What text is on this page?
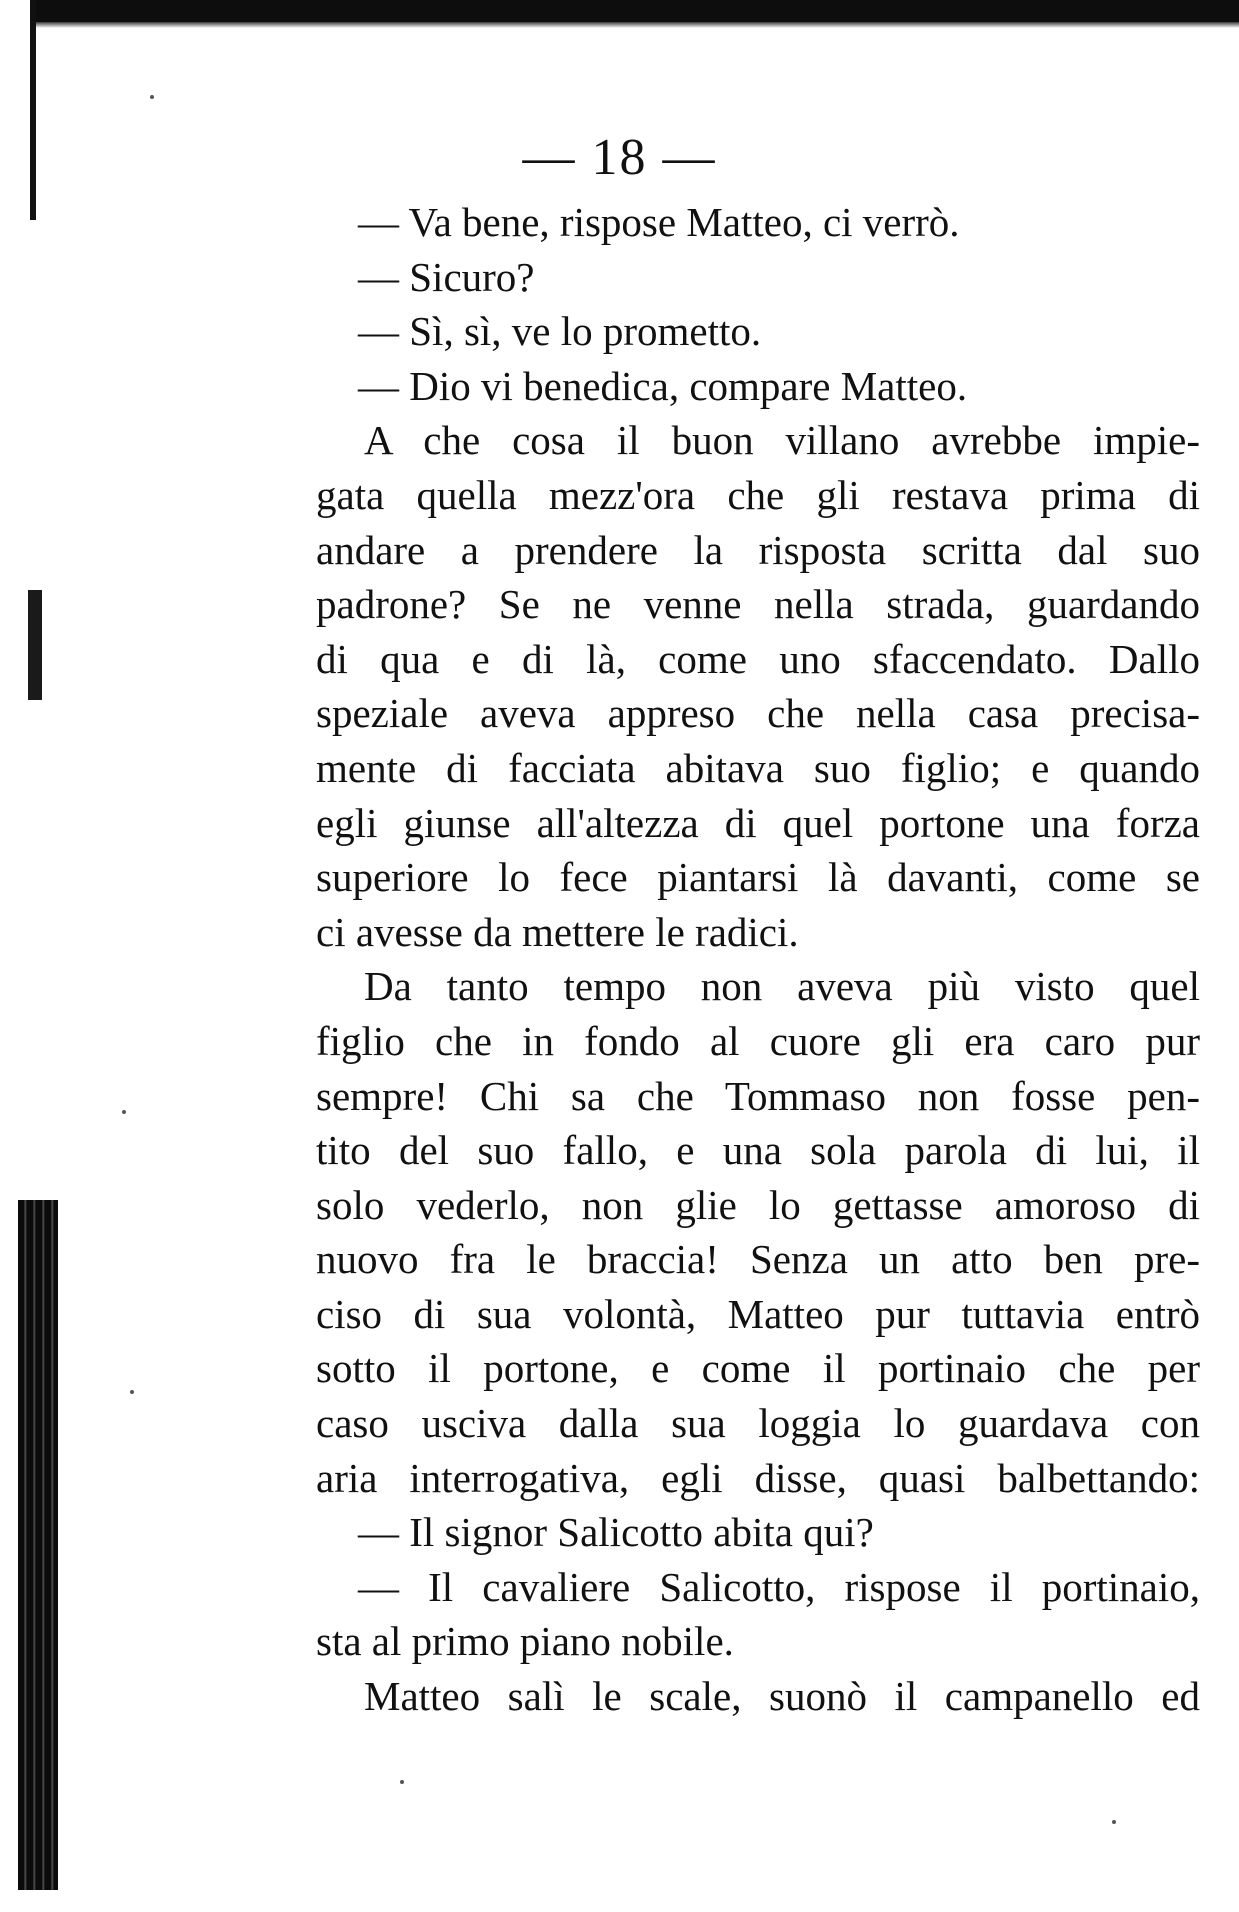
— 18 —
— Va bene, rispose Matteo, ci verrò.
— Sicuro?
— Sì, sì, ve lo prometto.
— Dio vi benedica, compare Matteo.
A che cosa il buon villano avrebbe impie-
gata quella mezz'ora che gli restava prima di
andare a prendere la risposta scritta dal suo
padrone? Se ne venne nella strada, guardando
di qua e di là, come uno sfaccendato. Dallo
speziale aveva appreso che nella casa precisa-
mente di facciata abitava suo figlio; e quando
egli giunse all'altezza di quel portone una forza
superiore lo fece piantarsi là davanti, come se
ci avesse da mettere le radici.
Da tanto tempo non aveva più visto quel
figlio che in fondo al cuore gli era caro pur
sempre! Chi sa che Tommaso non fosse pen-
tito del suo fallo, e una sola parola di lui, il
solo vederlo, non glie lo gettasse amoroso di
nuovo fra le braccia! Senza un atto ben pre-
ciso di sua volontà, Matteo pur tuttavia entrò
sotto il portone, e come il portinaio che per
caso usciva dalla sua loggia lo guardava con
aria interrogativa, egli disse, quasi balbettando:
— Il signor Salicotto abita qui?
— Il cavaliere Salicotto, rispose il portinaio,
sta al primo piano nobile.
Matteo salì le scale, suonò il campanello ed
